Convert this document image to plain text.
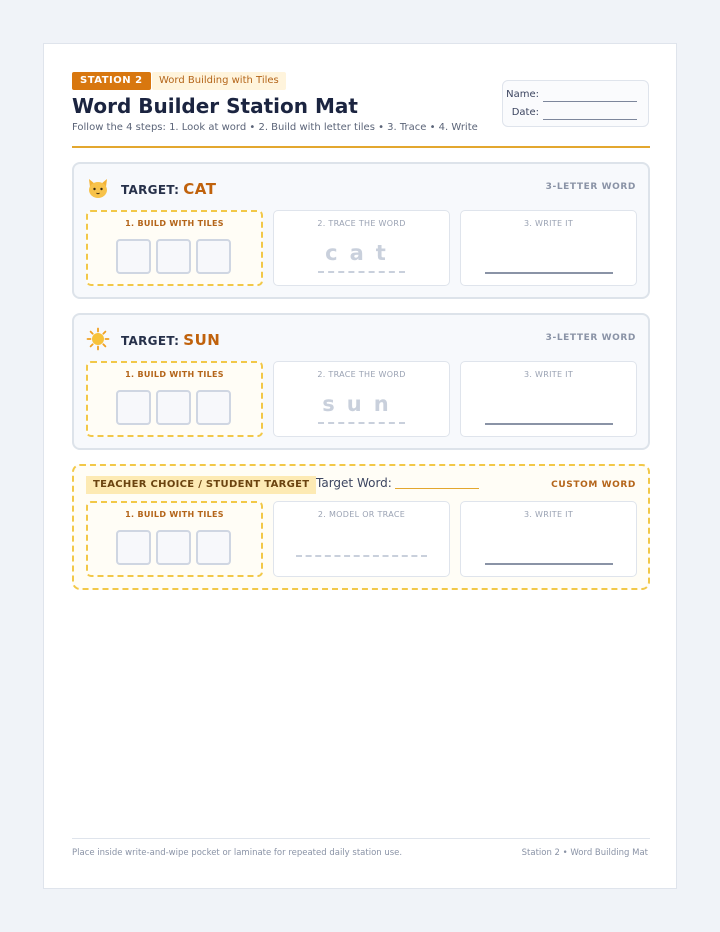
STATION 2	Word Building with Tiles
Word Builder Station Mat
Follow the 4 steps: 1. Look at word • 2. Build with letter tiles • 3. Trace • 4. Write
Name:
Date:
TARGET: CAT	3-LETTER WORD
1. BUILD WITH TILES	2. TRACE THE WORD
cat
3. WRITE IT
TARGET: SUN	3-LETTER WORD
1. BUILD WITH TILES	2. TRACE THE WORD
sun
3. WRITE IT
TEACHER CHOICE / STUDENT TARGET Target Word:	CUSTOM WORD
1. BUILD WITH TILES	2. MODEL OR TRACE	3. WRITE IT
Place inside write-and-wipe pocket or laminate for repeated daily station use.	Station 2 • Word Building Mat
